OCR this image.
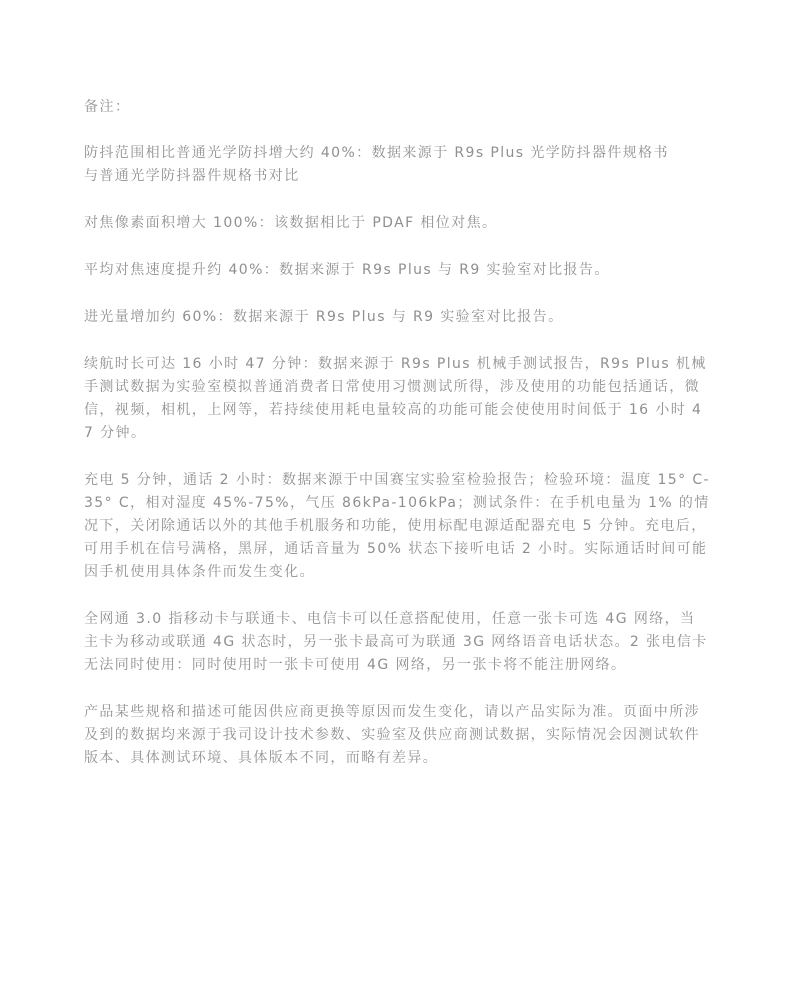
备注：
防抖范围相比普通光学防抖增大约 40%：数据来源于 R9s Plus 光学防抖器件规格书
与普通光学防抖器件规格书对比
对焦像素面积增大 100%：该数据相比于 PDAF 相位对焦。
平均对焦速度提升约 40%：数据来源于 R9s Plus 与 R9 实验室对比报告。
进光量增加约 60%：数据来源于 R9s Plus 与 R9 实验室对比报告。
续航时长可达 16 小时 47 分钟：数据来源于 R9s Plus 机械手测试报告，R9s Plus 机械手测试数据为实验室模拟普通消费者日常使用习惯测试所得，涉及使用的功能包括通话，微信，视频，相机，上网等，若持续使用耗电量较高的功能可能会使使用时间低于 16 小时 47 分钟。
充电 5 分钟，通话 2 小时：数据来源于中国赛宝实验室检验报告；检验环境：温度 15° C-35° C，相对湿度 45%-75%，气压 86kPa-106kPa；测试条件：在手机电量为 1% 的情况下，关闭除通话以外的其他手机服务和功能，使用标配电源适配器充电 5 分钟。充电后，可用手机在信号满格，黑屏，通话音量为 50% 状态下接听电话 2 小时。实际通话时间可能因手机使用具体条件而发生变化。
全网通 3.0 指移动卡与联通卡、电信卡可以任意搭配使用，任意一张卡可选 4G 网络，当主卡为移动或联通 4G 状态时，另一张卡最高可为联通 3G 网络语音电话状态。2 张电信卡无法同时使用：同时使用时一张卡可使用 4G 网络，另一张卡将不能注册网络。
产品某些规格和描述可能因供应商更换等原因而发生变化，请以产品实际为准。页面中所涉及到的数据均来源于我司设计技术参数、实验室及供应商测试数据，实际情况会因测试软件版本、具体测试环境、具体版本不同，而略有差异。
